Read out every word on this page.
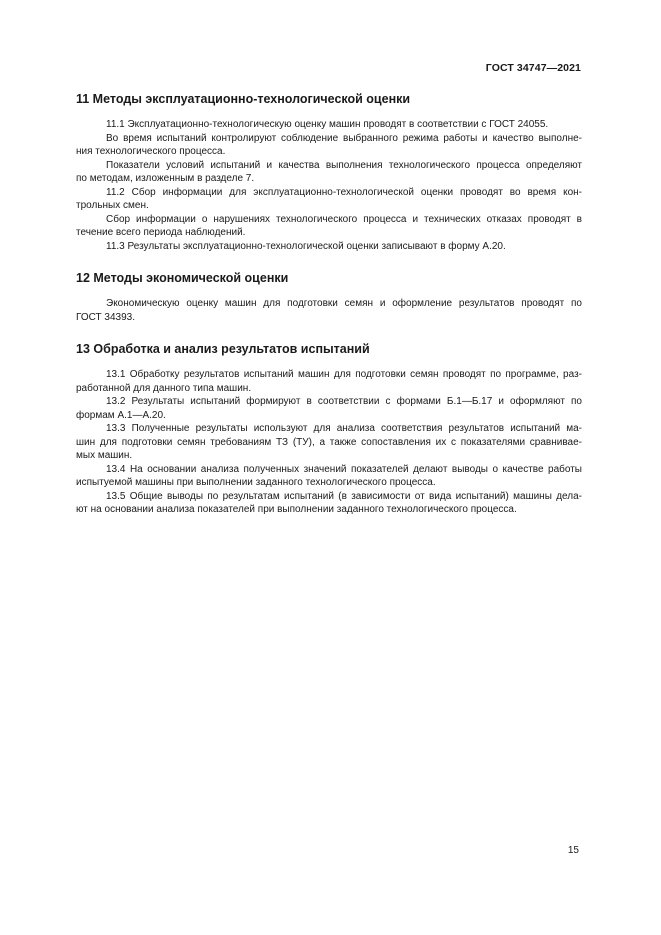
ГОСТ 34747—2021
11 Методы эксплуатационно-технологической оценки
11.1 Эксплуатационно-технологическую оценку машин проводят в соответствии с ГОСТ 24055.
Во время испытаний контролируют соблюдение выбранного режима работы и качество выполне-
ния технологического процесса.
Показатели условий испытаний и качества выполнения технологического процесса определяют
по методам, изложенным в разделе 7.
11.2 Сбор информации для эксплуатационно-технологической оценки проводят во время кон-
трольных смен.
Сбор информации о нарушениях технологического процесса и технических отказах проводят в
течение всего периода наблюдений.
11.3 Результаты эксплуатационно-технологической оценки записывают в форму А.20.
12 Методы экономической оценки
Экономическую оценку машин для подготовки семян и оформление результатов проводят по
ГОСТ 34393.
13 Обработка и анализ результатов испытаний
13.1 Обработку результатов испытаний машин для подготовки семян проводят по программе, раз-
работанной для данного типа машин.
13.2 Результаты испытаний формируют в соответствии с формами Б.1—Б.17 и оформляют по
формам А.1—А.20.
13.3 Полученные результаты используют для анализа соответствия результатов испытаний ма-
шин для подготовки семян требованиям ТЗ (ТУ), а также сопоставления их с показателями сравнивае-
мых машин.
13.4 На основании анализа полученных значений показателей делают выводы о качестве работы
испытуемой машины при выполнении заданного технологического процесса.
13.5 Общие выводы по результатам испытаний (в зависимости от вида испытаний) машины дела-
ют на основании анализа показателей при выполнении заданного технологического процесса.
15
